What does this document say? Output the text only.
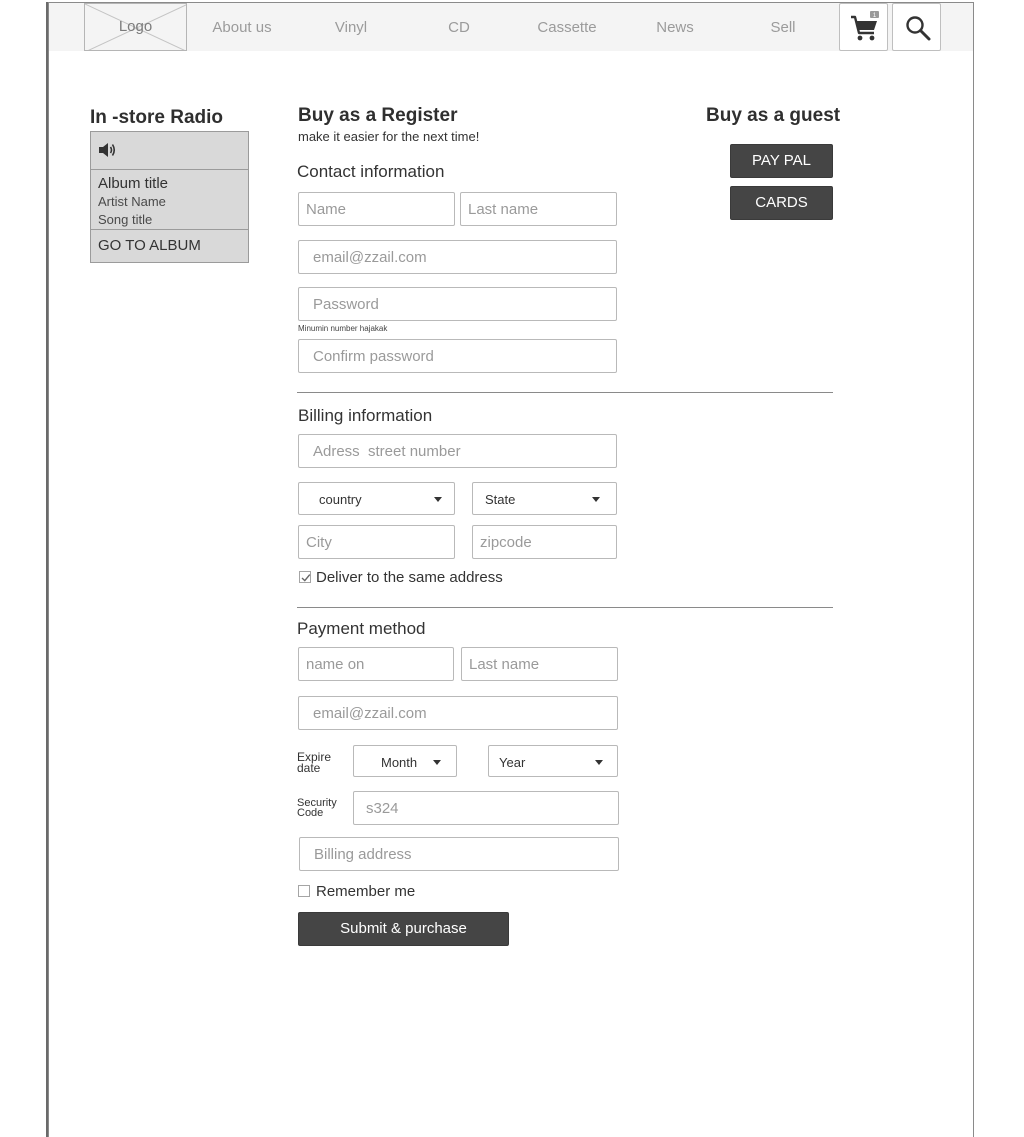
Logo	About us	Vinyl	CD	Cassette	News	Sell
1
In -store Radio
Album title
Artist Name
Song title
GO TO ALBUM
Buy as a Register
make it easier for the next time!
Buy as a guest
PAY PAL
CARDS
Contact information
Name
Last name
email@zzail.com
Minumin number hajakak
Billing information
Adress street number
country	State
City
zipcode
Deliver to the same address
Payment method
name on
Last name
email@zzail.com
Expire
date	Month	Year
Security
Code
s324
Billing address
Remember me
Submit & purchase
